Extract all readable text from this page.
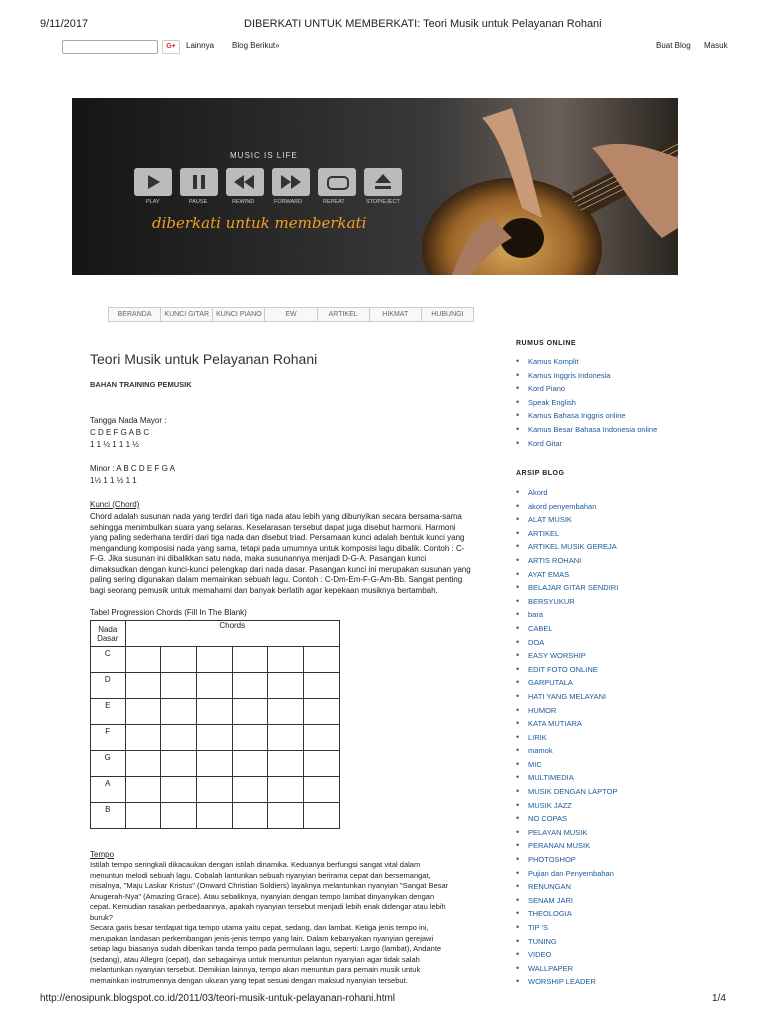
9/11/2017	DIBERKATI UNTUK MEMBERKATI: Teori Musik untuk Pelayanan Rohani
G+	Lainnya Blog Berikut»	Buat Blog Masuk
MUSIC IS LIFE
PLAY	PAUSE	REWIND	FORWARD	REPEAT	STOP/EJECT
diberkati untuk memberkati
BERANDA	KUNCI GITAR	KUNCI PIANO	EW	ARTIKEL	HIKMAT	HUBUNGI
Teori Musik untuk Pelayanan Rohani
BAHAN TRAINING PEMUSIK
Tangga Nada Mayor :
C D E F G A B C
1 1 ½ 1 1 1 ½
Minor : A B C D E F G A
1½ 1 1 ½ 1 1
Kunci (Chord)
Chord adalah susunan nada yang terdiri dari tiga nada atau lebih yang dibunyikan secara bersama-sama
sehingga menimbulkan suara yang selaras. Keselarasan tersebut dapat juga disebut harmoni. Harmoni
yang paling sederhana terdiri dari tiga nada dan disebut triad. Persamaan kunci adalah bentuk kunci yang
mengandung komposisi nada yang sama, tetapi pada umumnya untuk komposisi lagu dibalik. Contoh : C-
F-G. Jika susunan ini dibalikkan satu nada, maka susunannya menjadi D-G-A. Pasangan kunci
dimaksudkan dengan kunci-kunci pelengkap dari nada dasar. Pasangan kunci ini merupakan susunan yang
paling sering digunakan dalam memainkan sebuah lagu. Contoh : C-Dm-Em-F-G-Am-Bb. Sangat penting
bagi seorang pemusik untuk memahami dan banyak berlatih agar kepekaan musiknya bertambah.
Tabel Progression Chords (Fill In The Blank)
Nada Dasar	Chords					
C						
D						
E						
F						
G						
A						
B						
Tempo
Istilah tempo seringkali dikacaukan dengan istilah dinamika. Keduanya berfungsi sangat vital dalam
menuntun melodi sebuah lagu. Cobalah lantunkan sebuah nyanyian berirama cepat dan bersemangat,
misalnya, "Maju Laskar Kristus" (Onward Christian Soldiers) layaknya melantunkan nyanyian "Sangat Besar
Anugerah-Nya" (Amazing Grace). Atau sebaliknya, nyanyian dengan tempo lambat dinyanyikan dengan
cepat. Kemudian rasakan perbedaannya, apakah nyanyian tersebut menjadi lebih enak didengar atau lebih
buruk?
Secara garis besar terdapat tiga tempo utama yaitu cepat, sedang, dan lambat. Ketiga jenis tempo ini,
merupakan landasan perkembangan jenis-jenis tempo yang lain. Dalam kebanyakan nyanyian gerejawi
setiap lagu biasanya sudah diberikan tanda tempo pada permulaan lagu, seperti: Largo (lambat), Andante
(sedang), atau Allegro (cepat), dan sebagainya untuk menuntun pelantun nyanyian agar tidak salah
melantunkan nyanyian tersebut. Demikian lainnya, tempo akan menuntun para pemain musik untuk
memainkan instrumennya dengan ukuran yang tepat sesuai dengan maksud nyanyian tersebut.
RUMUS ONLINE
• Kamus Komplit
• Kamus Inggris Indonesia
• Kord Piano
• Speak English
• Kamus Bahasa Inggris online
• Kamus Besar Bahasa Indonesia online
• Kord Gitar
ARSIP BLOG
• Akord
• akord penyembahan
• ALAT MUSIK
• ARTIKEL
• ARTIKEL MUSIK GEREJA
• ARTIS ROHANI
• AYAT EMAS
• BELAJAR GITAR SENDIRI
• BERSYUKUR
• bara
• CABEL
• DOA
• EASY WORSHIP
• EDIT FOTO ONLINE
• GARPUTALA
• HATI YANG MELAYANI
• HUMOR
• KATA MUTIARA
• LIRIK
• mamok
• MIC
• MULTIMEDIA
• MUSIK DENGAN LAPTOP
• MUSIK JAZZ
• NO COPAS
• PELAYAN MUSIK
• PERANAN MUSIK
• PHOTOSHOP
• Pujian dan Penyembahan
• RENUNGAN
• SENAM JARI
• THEOLOGIA
• TIP 'S
• TUNING
• VIDEO
• WALLPAPER
• WORSHIP LEADER
http://enosipunk.blogspot.co.id/2011/03/teori-musik-untuk-pelayanan-rohani.html	1/4
